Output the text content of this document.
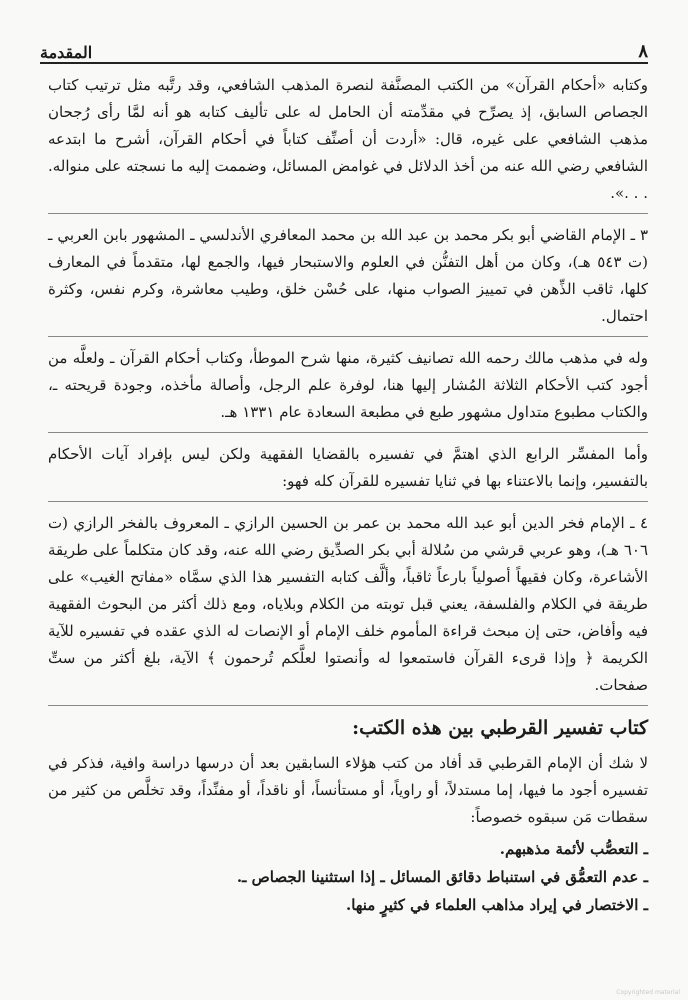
٨
المقدمة

وكتابه «أحكام القرآن» من الكتب المصنَّفة لنصرة المذهب الشافعي، وقد رتَّبه مثل ترتيب كتاب الجصاص السابق، إذ يصرِّح في مقدِّمته أن الحامل له على تأليف كتابه هو أنه لمَّا رأى رُجحان مذهب الشافعي على غيره، قال: «أردت أن أصنِّف كتاباً في أحكام القرآن، أشرح ما ابتدعه الشافعي رضي الله عنه من أخذ الدلائل في غوامض المسائل، وضممت إليه ما نسجته على منواله. . . .».

٣ ـ الإمام القاضي أبو بكر محمد بن عبد الله بن محمد المعافري الأندلسي ـ المشهور بابن العربي ـ (ت ٥٤٣ هـ)، وكان من أهل التفنُّن في العلوم والاستبحار فيها، والجمع لها، متقدماً في المعارف كلها، ثاقب الذِّهن في تمييز الصواب منها، على حُسْن خلق، وطيب معاشرة، وكرم نفس، وكثرة احتمال.

وله في مذهب مالك رحمه الله تصانيف كثيرة، منها شرح الموطأ، وكتاب أحكام القرآن ـ ولعلَّه من أجود كتب الأحكام الثلاثة المُشار إليها هنا، لوفرة علم الرجل، وأصالة مأخذه، وجودة قريحته ـ، والكتاب مطبوع متداول مشهور طبع في مطبعة السعادة عام ١٣٣١ هـ.

وأما المفسِّر الرابع الذي اهتمَّ في تفسيره بالقضايا الفقهية ولكن ليس بإفراد آيات الأحكام بالتفسير، وإنما بالاعتناء بها في ثنايا تفسيره للقرآن كله فهو:

٤ ـ الإمام فخر الدين أبو عبد الله محمد بن عمر بن الحسين الرازي ـ المعروف بالفخر الرازي (ت ٦٠٦ هـ)، وهو عربي قرشي من سُلالة أبي بكر الصدِّيق رضي الله عنه، وقد كان متكلماً على طريقة الأشاعرة، وكان فقيهاً أصولياً بارعاً ثاقباً، وألَّف كتابه التفسير هذا الذي سمَّاه «مفاتح الغيب» على طريقة في الكلام والفلسفة، يعني قبل توبته من الكلام وبلاياه، ومع ذلك أكثر من البحوث الفقهية فيه وأفاض، حتى إن مبحث قراءة المأموم خلف الإمام أو الإنصات له الذي عقده في تفسيره للآية الكريمة ﴿ وإذا قرىء القرآن فاستمعوا له وأنصتوا لعلَّكم تُرحمون ﴾ الآية، بلغ أكثر من ستِّ صفحات.

كتاب تفسير القرطبي بين هذه الكتب:

لا شك أن الإمام القرطبي قد أفاد من كتب هؤلاء السابقين بعد أن درسها دراسة وافية، فذكر في تفسيره أجود ما فيها، إما مستدلاً، أو راوياً، أو مستأنساً، أو ناقداً، أو مفنِّداً، وقد تخلَّص من كثير من سقطات مَن سبقوه خصوصاً:

ـ التعصُّب لأئمة مذهبهم.
ـ عدم التعمُّق في استنباط دقائق المسائل ـ إذا استثنينا الجصاص ـ.
ـ الاختصار في إيراد مذاهب العلماء في كثيرٍ منها.
Copyrighted material
